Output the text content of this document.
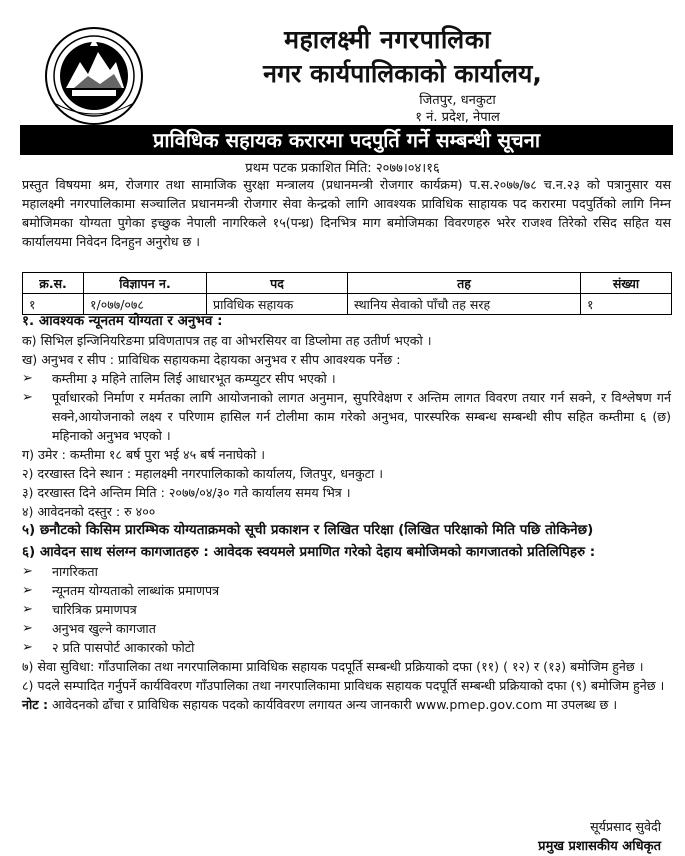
महालक्ष्मी नगरपालिका
नगर कार्यपालिकाको कार्यालय,
जितपुर, धनकुटा
१ नं. प्रदेश, नेपाल
प्राविधिक सहायक करारमा पदपुर्ति गर्ने सम्बन्धी सूचना
प्रथम पटक प्रकाशित मिति: २०७७।०४।१६
प्रस्तुत विषयमा श्रम, रोजगार तथा सामाजिक सुरक्षा मन्त्रालय (प्रधानमन्त्री रोजगार कार्यक्रम) प.स.२०७७/७८ च.न.२३ को पत्रानुसार यस महालक्ष्मी नगरपालिकामा सञ्चालित प्रधानमन्त्री रोजगार सेवा केन्द्रको लागि आवश्यक प्राविधिक साहायक पद करारमा पदपुर्तिको लागि निम्न बमोजिमका योग्यता पुगेका इच्छुक नेपाली नागरिकले १५(पन्ध्र) दिनभित्र माग बमोजिमका विवरणहरु भरेर राजश्व तिरेको रसिद सहित यस कार्यालयमा निवेदन दिनहुन अनुरोध छ ।
क्र.स.	विज्ञापन न.	पद	तह	संख्या
१	१/०७७/०७८	प्राविधिक सहायक	स्थानिय सेवाको पाँचौ तह सरह	१
१. आवश्यक न्यूनतम योग्यता र अनुभव :
क) सिभिल इन्जिनियरिङमा प्रविणतापत्र तह वा ओभरसियर वा डिप्लोमा तह उतीर्ण भएको ।
ख) अनुभव र सीप : प्राविधिक सहायकमा देहायका अनुभव र सीप आवश्यक पर्नेछ :
➢	कम्तीमा ३ महिने तालिम लिई आधारभूत कम्प्युटर सीप भएको ।
➢	पूर्वाधारको निर्माण र मर्मतका लागि आयोजनाको लागत अनुमान, सुपरिवेक्षण र अन्तिम लागत विवरण तयार गर्न सक्ने, र विश्लेषण गर्न सक्ने,आयोजनाको लक्ष्य र परिणाम हासिल गर्न टोलीमा काम गरेको अनुभव, पारस्परिक सम्बन्ध सम्बन्धी सीप सहित कम्तीमा ६ (छ) महिनाको अनुभव भएको ।
ग) उमेर : कम्तीमा १८ बर्ष पुरा भई ४५ बर्ष ननाघेको ।
२) दरखास्त दिने स्थान : महालक्ष्मी नगरपालिकाको कार्यालय, जितपुर, धनकुटा ।
३) दरखास्त दिने अन्तिम मिति : २०७७/०४/३० गते कार्यालय समय भित्र ।
४) आवेदनको दस्तुर : रु ४००
५) छनौटको किसिम प्रारम्भिक योग्यताक्रमको सूची प्रकाशन र लिखित परिक्षा (लिखित परिक्षाको मिति पछि तोकिनेछ)
६) आवेदन साथ संलग्न कागजातहरु : आवेदक स्वयमले प्रमाणित गरेको देहाय बमोजिमको कागजातको प्रतिलिपिहरु :
➢	नागरिकता
➢	न्यूनतम योग्यताको लाब्धांक प्रमाणपत्र
➢	चारित्रिक प्रमाणपत्र
➢	अनुभव खुल्ने कागजात
➢	२ प्रति पासपोर्ट आकारको फोटो
७) सेवा सुविधा: गाँउपालिका तथा नगरपालिकामा प्राविधिक सहायक पदपूर्ति सम्बन्धी प्रक्रियाको दफा (११) ( १२) र (१३) बमोजिम हुनेछ ।
८) पदले सम्पादित गर्नुपर्ने कार्यविवरण गाँउपालिका तथा नगरपालिकामा प्राविधक सहायक पदपूर्ति सम्बन्धी प्रक्रियाको दफा (९) बमोजिम हुनेछ ।
नोट : आवेदनको ढाँचा र प्राविधिक सहायक पदको कार्यविवरण लगायत अन्य जानकारी www.pmep.gov.com मा उपलब्ध छ ।
सूर्यप्रसाद सुवेदी
प्रमुख प्रशासकीय अधिकृत
